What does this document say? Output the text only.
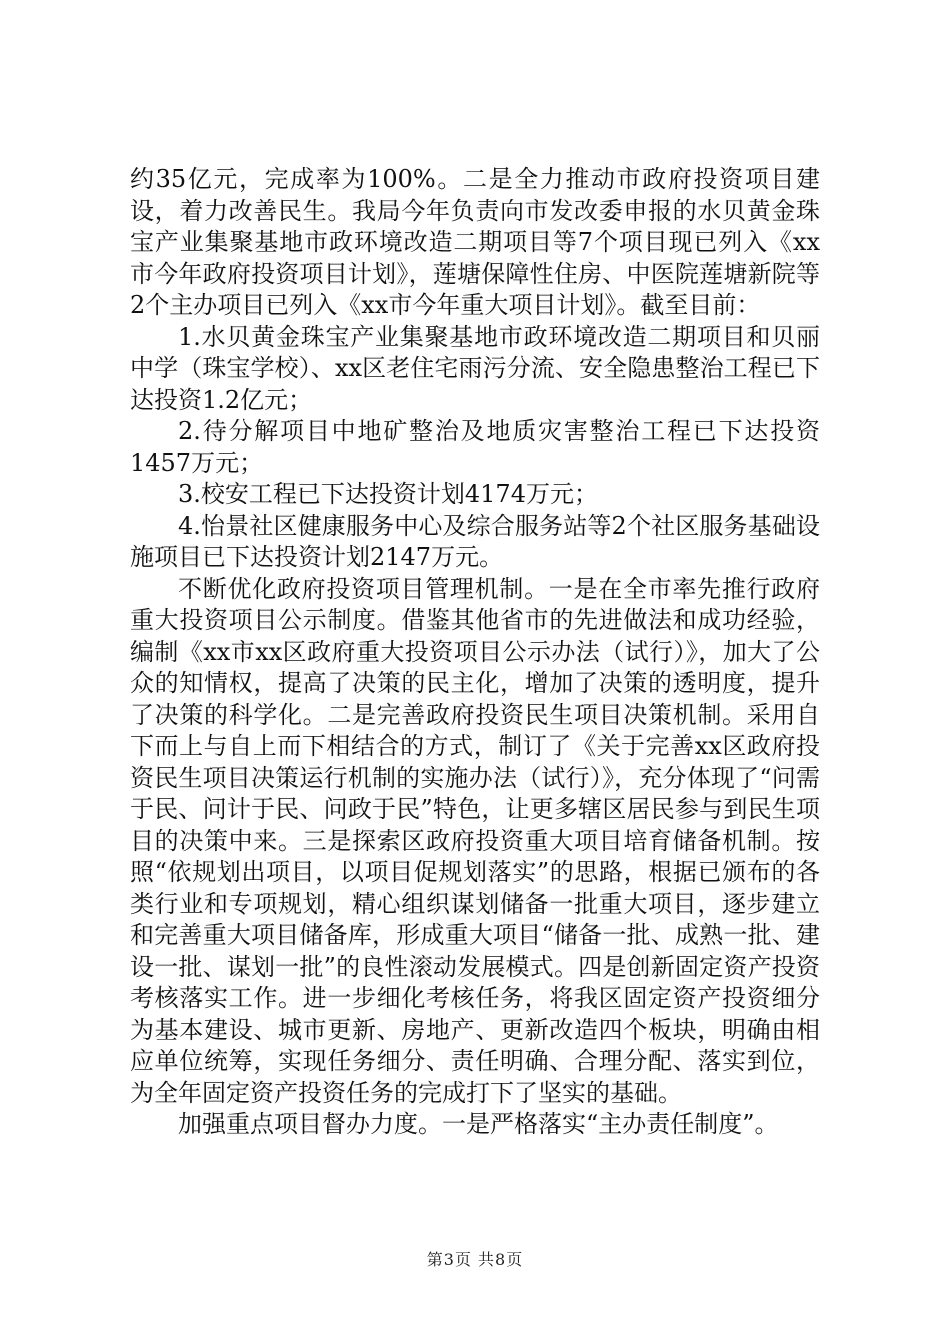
约35亿元，完成率为100%。二是全力推动市政府投资项目建设，着力改善民生。我局今年负责向市发改委申报的水贝黄金珠宝产业集聚基地市政环境改造二期项目等7个项目现已列入《xx市今年政府投资项目计划》，莲塘保障性住房、中医院莲塘新院等2个主办项目已列入《xx市今年重大项目计划》。截至目前：

1.水贝黄金珠宝产业集聚基地市政环境改造二期项目和贝丽中学（珠宝学校）、xx区老住宅雨污分流、安全隐患整治工程已下达投资1.2亿元；

2.待分解项目中地矿整治及地质灾害整治工程已下达投资1457万元；

3.校安工程已下达投资计划4174万元；

4.怡景社区健康服务中心及综合服务站等2个社区服务基础设施项目已下达投资计划2147万元。

不断优化政府投资项目管理机制。一是在全市率先推行政府重大投资项目公示制度。借鉴其他省市的先进做法和成功经验，编制《xx市xx区政府重大投资项目公示办法（试行）》，加大了公众的知情权，提高了决策的民主化，增加了决策的透明度，提升了决策的科学化。二是完善政府投资民生项目决策机制。采用自下而上与自上而下相结合的方式，制订了《关于完善xx区政府投资民生项目决策运行机制的实施办法（试行）》，充分体现了“问需于民、问计于民、问政于民”特色，让更多辖区居民参与到民生项目的决策中来。三是探索区政府投资重大项目培育储备机制。按照“依规划出项目，以项目促规划落实”的思路，根据已颁布的各类行业和专项规划，精心组织谋划储备一批重大项目，逐步建立和完善重大项目储备库，形成重大项目“储备一批、成熟一批、建设一批、谋划一批”的良性滚动发展模式。四是创新固定资产投资考核落实工作。进一步细化考核任务，将我区固定资产投资细分为基本建设、城市更新、房地产、更新改造四个板块，明确由相应单位统筹，实现任务细分、责任明确、合理分配、落实到位，为全年固定资产投资任务的完成打下了坚实的基础。

加强重点项目督办力度。一是严格落实“主办责任制度”。

第3页 共8页
